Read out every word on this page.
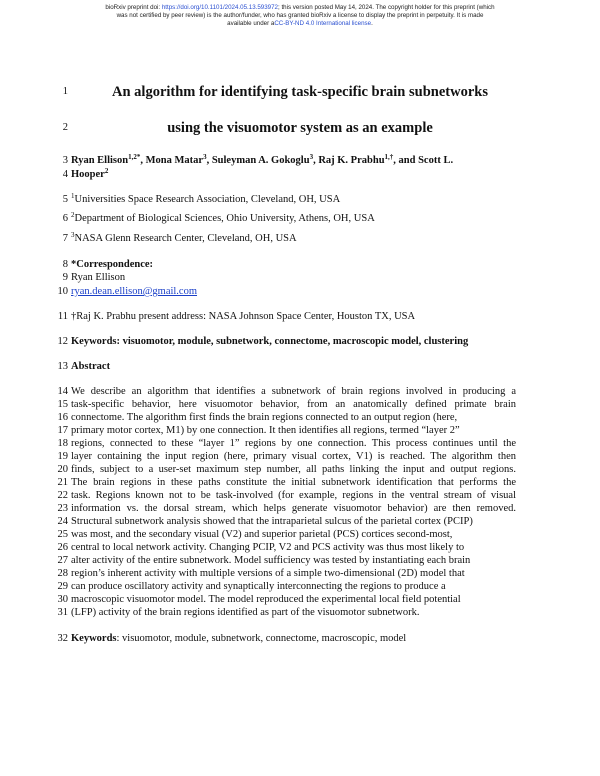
bioRxiv preprint doi: https://doi.org/10.1101/2024.05.13.593972; this version posted May 14, 2024. The copyright holder for this preprint (which
was not certified by peer review) is the author/funder, who has granted bioRxiv a license to display the preprint in perpetuity. It is made
available under aCC-BY-ND 4.0 International license.
1	An algorithm for identifying task-specific brain subnetworks
2	using the visuomotor system as an example
3 Ryan Ellison$^{1,2*}$, Mona Matar$^3$, Suleyman A. Gokoglu$^3$, Raj K. Prabhu$^{1,\dagger}$, and Scott L.
4 Hooper$^2$
5 $^1$Universities Space Research Association, Cleveland, OH, USA
6 $^2$Department of Biological Sciences, Ohio University, Athens, OH, USA
7 $^3$NASA Glenn Research Center, Cleveland, OH, USA
8 *Correspondence:
9 Ryan Ellison
10 ryan.dean.ellison@gmail.com
11 †Raj K. Prabhu present address: NASA Johnson Space Center, Houston TX, USA
12 Keywords: visuomotor, module, subnetwork, connectome, macroscopic model, clustering
13 Abstract
14 We describe an algorithm that identifies a subnetwork of brain regions involved in producing a
15 task-specific behavior, here visuomotor behavior, from an anatomically defined primate brain
16 connectome. The algorithm first finds the brain regions connected to an output region (here,
17 primary motor cortex, M1) by one connection. It then identifies all regions, termed “layer 2”
18 regions, connected to these “layer 1” regions by one connection. This process continues until the
19 layer containing the input region (here, primary visual cortex, V1) is reached. The algorithm then
20 finds, subject to a user-set maximum step number, all paths linking the input and output regions.
21 The brain regions in these paths constitute the initial subnetwork identification that performs the
22 task. Regions known not to be task-involved (for example, regions in the ventral stream of visual
23 information vs. the dorsal stream, which helps generate visuomotor behavior) are then removed.
24 Structural subnetwork analysis showed that the intraparietal sulcus of the parietal cortex (PCIP)
25 was most, and the secondary visual (V2) and superior parietal (PCS) cortices second-most,
26 central to local network activity. Changing PCIP, V2 and PCS activity was thus most likely to
27 alter activity of the entire subnetwork. Model sufficiency was tested by instantiating each brain
28 region’s inherent activity with multiple versions of a simple two-dimensional (2D) model that
29 can produce oscillatory activity and synaptically interconnecting the regions to produce a
30 macroscopic visuomotor model. The model reproduced the experimental local field potential
31 (LFP) activity of the brain regions identified as part of the visuomotor subnetwork.
32 Keywords: visuomotor, module, subnetwork, connectome, macroscopic, model
